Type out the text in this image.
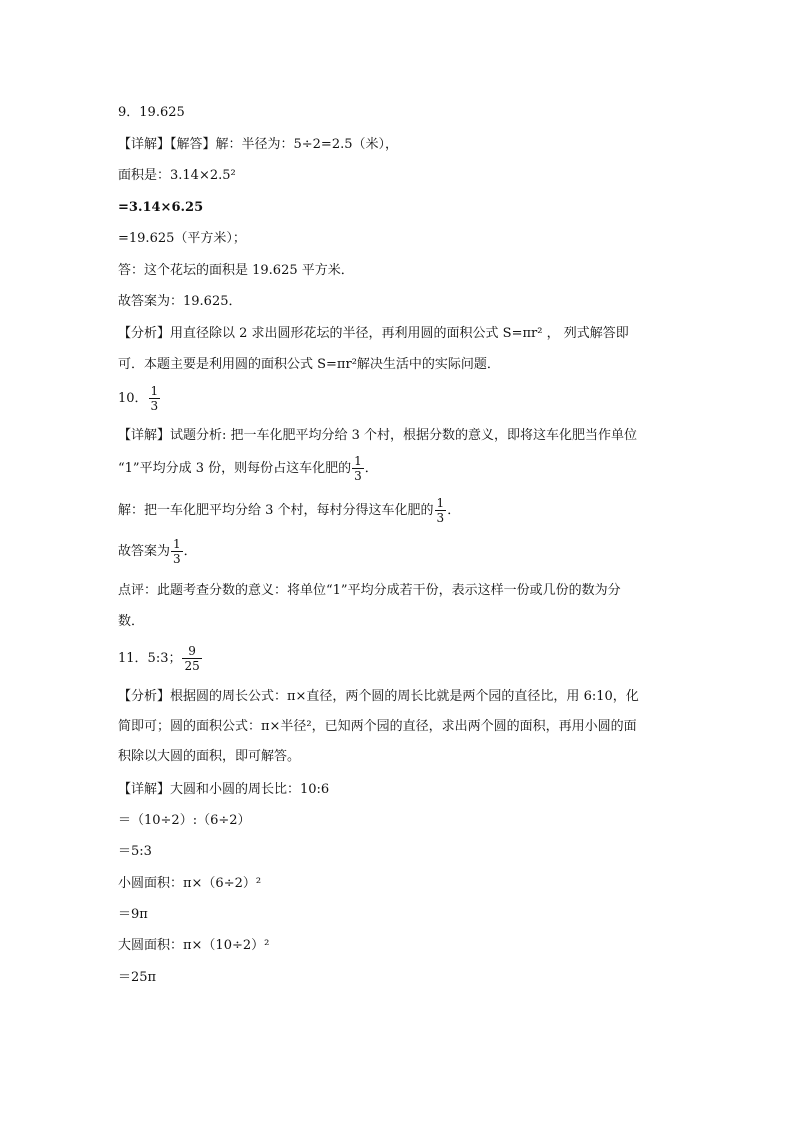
9．19.625
【详解】【解答】解：半径为：5÷2=2.5（米），
面积是：3.14×2.5²
=3.14×6.25
=19.625（平方米）；
答：这个花坛的面积是 19.625 平方米．
故答案为：19.625．
【分析】用直径除以 2 求出圆形花坛的半径，再利用圆的面积公式 S=πr² ， 列式解答即
可．本题主要是利用圆的面积公式 S=πr²解决生活中的实际问题．
10． $\frac{1}{3}$
【详解】试题分析: 把一车化肥平均分给 3 个村，根据分数的意义，即将这车化肥当作单位
“1”平均分成 3 份，则每份占这车化肥的 $\frac{1}{3}$ ．
解：把一车化肥平均分给 3 个村，每村分得这车化肥的 $\frac{1}{3}$ ．
故答案为 $\frac{1}{3}$ ．
点评：此题考查分数的意义：将单位“1”平均分成若干份，表示这样一份或几份的数为分
数．
11．5:3； $\frac{9}{25}$
【分析】根据圆的周长公式：π×直径，两个圆的周长比就是两个园的直径比，用 6:10，化
简即可；圆的面积公式：π×半径²，已知两个园的直径，求出两个圆的面积，再用小圆的面
积除以大圆的面积，即可解答。
【详解】大圆和小圆的周长比：10:6
＝（10÷2）:（6÷2）
＝5:3
小圆面积：π×（6÷2）²
＝9π
大圆面积：π×（10÷2）²
＝25π
